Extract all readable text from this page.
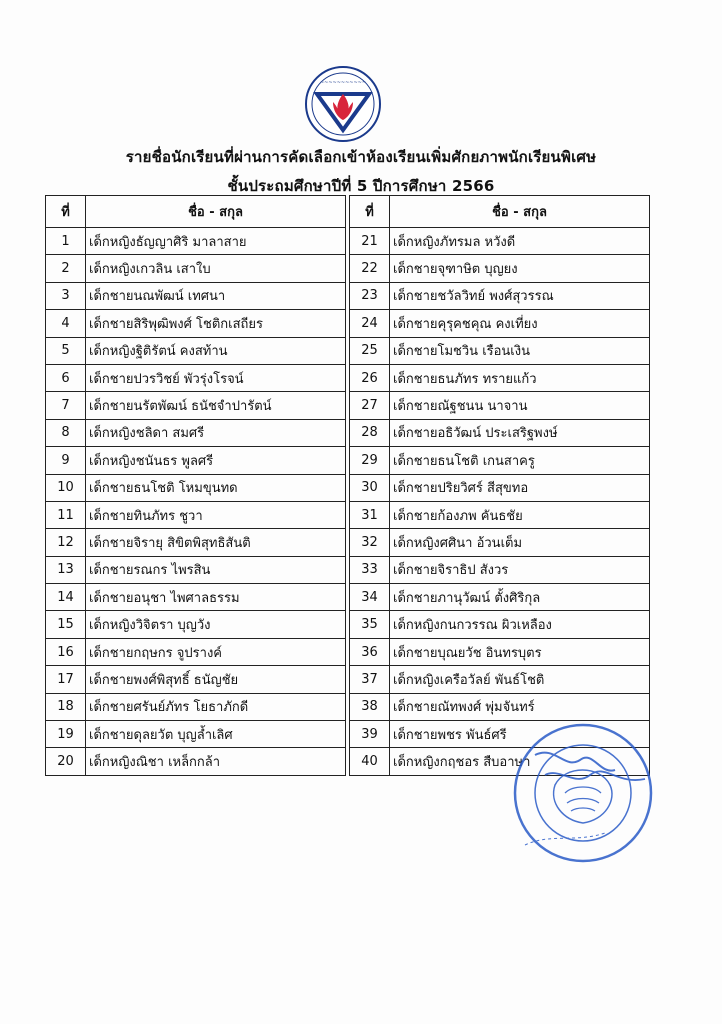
~~~~~~~~~~~
รายชื่อนักเรียนที่ผ่านการคัดเลือกเข้าห้องเรียนเพิ่มศักยภาพนักเรียนพิเศษ
ชั้นประถมศึกษาปีที่ 5 ปีการศึกษา 2566
ที่	ชื่อ - สกุล
1	เด็กหญิงธัญญาศิริ มาลาสาย
2	เด็กหญิงเกวลิน เสาใบ
3	เด็กชายนณพัฒน์ เทศนา
4	เด็กชายสิริพุฒิพงศ์ โชติกเสถียร
5	เด็กหญิงฐิติรัตน์ คงสท้าน
6	เด็กชายปวรวิชย์ พัวรุ่งโรจน์
7	เด็กชายนรัตพัฒน์ ธนัชจำปารัตน์
8	เด็กหญิงชลิดา สมศรี
9	เด็กหญิงชนันธร พูลศรี
10	เด็กชายธนโชติ โหมขุนทด
11	เด็กชายทินภัทร ชูวา
12	เด็กชายจิรายุ สิขิตพิสุทธิสันติ
13	เด็กชายรณกร ไพรสิน
14	เด็กชายอนุชา ไพศาลธรรม
15	เด็กหญิงวิจิตรา บุญวัง
16	เด็กชายกฤษกร จูปรางค์
17	เด็กชายพงศ์พิสุทธิ์ ธนัญชัย
18	เด็กชายศรันย์ภัทร โยธาภักดี
19	เด็กชายดุลยวัต บุญล้ำเลิศ
20	เด็กหญิงณิชา เหล็กกล้า
ที่	ชื่อ - สกุล
21	เด็กหญิงภัทรมล หวังดี
22	เด็กชายจุฑาษิต บุญยง
23	เด็กชายชวัลวิทย์ พงศ์สุวรรณ
24	เด็กชายคุรุคชคุณ คงเที่ยง
25	เด็กชายโมชวิน เรือนเงิน
26	เด็กชายธนภัทร ทรายแก้ว
27	เด็กชายณัฐชนน นาจาน
28	เด็กชายอธิวัฒน์ ประเสริฐพงษ์
29	เด็กชายธนโชติ เกนสาครู
30	เด็กชายปริยวิศร์ สีสุขทอ
31	เด็กชายก้องภพ คันธชัย
32	เด็กหญิงศศินา อ้วนเต็ม
33	เด็กชายจิราธิป สังวร
34	เด็กชายภานุวัฒน์ ตั้งศิริกุล
35	เด็กหญิงกนกวรรณ ผิวเหลือง
36	เด็กชายบุณยวัช อินทรบุตร
37	เด็กหญิงเครือวัลย์ พันธ์โชติ
38	เด็กชายณัทพงศ์ พุ่มจันทร์
39	เด็กชายพชร พันธ์ศรี
40	เด็กหญิงกฤชอร สืบอาษา
